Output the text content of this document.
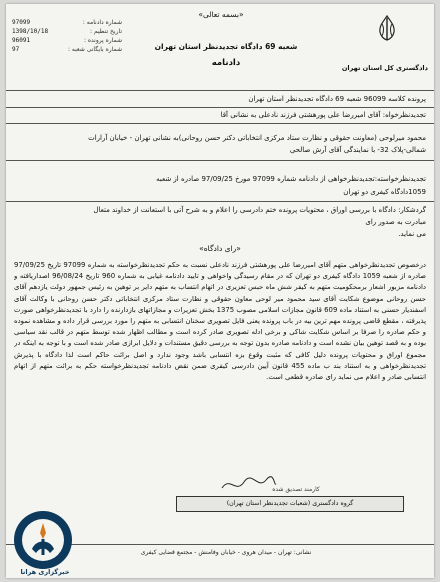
«بسمه تعالی»
97099	شماره دادنامه :
1398/10/18	تاریخ تنظیم :
96091	شماره پرونده :
97	شماره بایگانی شعبه :	شعبه 69 دادگاه تجدیدنظر استان تهران
دادنامه	دادگستری کل استان تهران
پرونده کلاسه 96099 شعبه 69 دادگاه تجدیدنظر استان تهران
تجدیدنظرخواه: آقای امیررضا علی پورهشتی فرزند نادعلی به نشانی آقا
محمود میرلوحی (معاونت حقوقی و نظارت ستاد مرکزی انتخاباتی دکتر حسن روحانی)به نشانی تهران - خیابان آرارات
شمالی-پلاک 32- با نمایندگی آقای آرش صالحی
تجدیدنظرخواسته:تجدیدنظرخواهی از دادنامه شماره 97099 مورخ 97/09/25 صادره از شعبه
1059دادگاه کیفری دو تهران
گردشکار: دادگاه با بررسی اوراق ، محتویات پرونده ختم دادرسی را اعلام و به شرح آتی با استعانت از خداوند متعال
مبادرت به صدور رای
می نماید.
«رای دادگاه»
درخصوص تجدیدنظرخواهی متهم آقای امیررضا علی پورهشتی فرزند نادعلی نسبت به حکم تجدیدنظرخواسته به شماره 97099 تاریخ 97/09/25 صادره از شعبه 1059 دادگاه کیفری دو تهران که در مقام رسیدگی واخواهی و تایید دادنامه غیابی به شماره 960 تاریخ 96/08/24 اصداریافته و دادنامه مزبور اشعار برمحکومیت متهم به کیفر شش ماه حبس تعزیری در اتهام انتساب به متهم دایر بر توهین به رئیس جمهور دولت یازدهم آقای حسن روحانی موضوع شکایت آقای سید محمود میر لوحی معاون حقوقی و نظارت ستاد مرکزی انتخاباتی دکتر حسن روحانی با وکالت آقای اسفندیار حسنی به استناد ماده 609 قانون مجازات اسلامی مصوب 1375 بخش تعزیرات و مجازاتهای بازدارنده را دارد با تجدیدنظرخواهی صورت پذیرفته ، مقطع قاضی پرونده مهم ترین بیه در باب پرونده یعنی فایل تصویری سخنان انتسابی به متهم را مورد بررسی قرار داده و مشاهده نموده و حکم صادره را صرفا بر اساس شکایت شاکی و برخی ادله تصویری صادر کرده است و مطالب اظهار شده توسط متهم در قالب نقد سیاسی بوده و به قصد توهین بیان نشده است و دادنامه صادره بدون توجه به بررسی دقیق مستندات و دلایل ابرازی صادر شده است و با توجه به اینکه در مجموع اوراق و محتویات پرونده دلیل کافی که مثبت وقوع بزه انتسابی باشد وجود ندارد و اصل برائت حاکم است لذا دادگاه با پذیرش تجدیدنظرخواهی و به استناد بند ب ماده 455 قانون آیین دادرسی کیفری ضمن نقض دادنامه تجدیدنظرخواسته حکم به برائت متهم از اتهام انتسابی صادر و اعلام می نماید رای صادره قطعی است.
کارمند تصدیق شده
گروه دادگستری (شعبات تجدیدنظر استان تهران)
نشانی: تهران - میدان هروی - خیابان وفامنش - مجتمع قضایی کیفری
خبرگزاری هرانا
